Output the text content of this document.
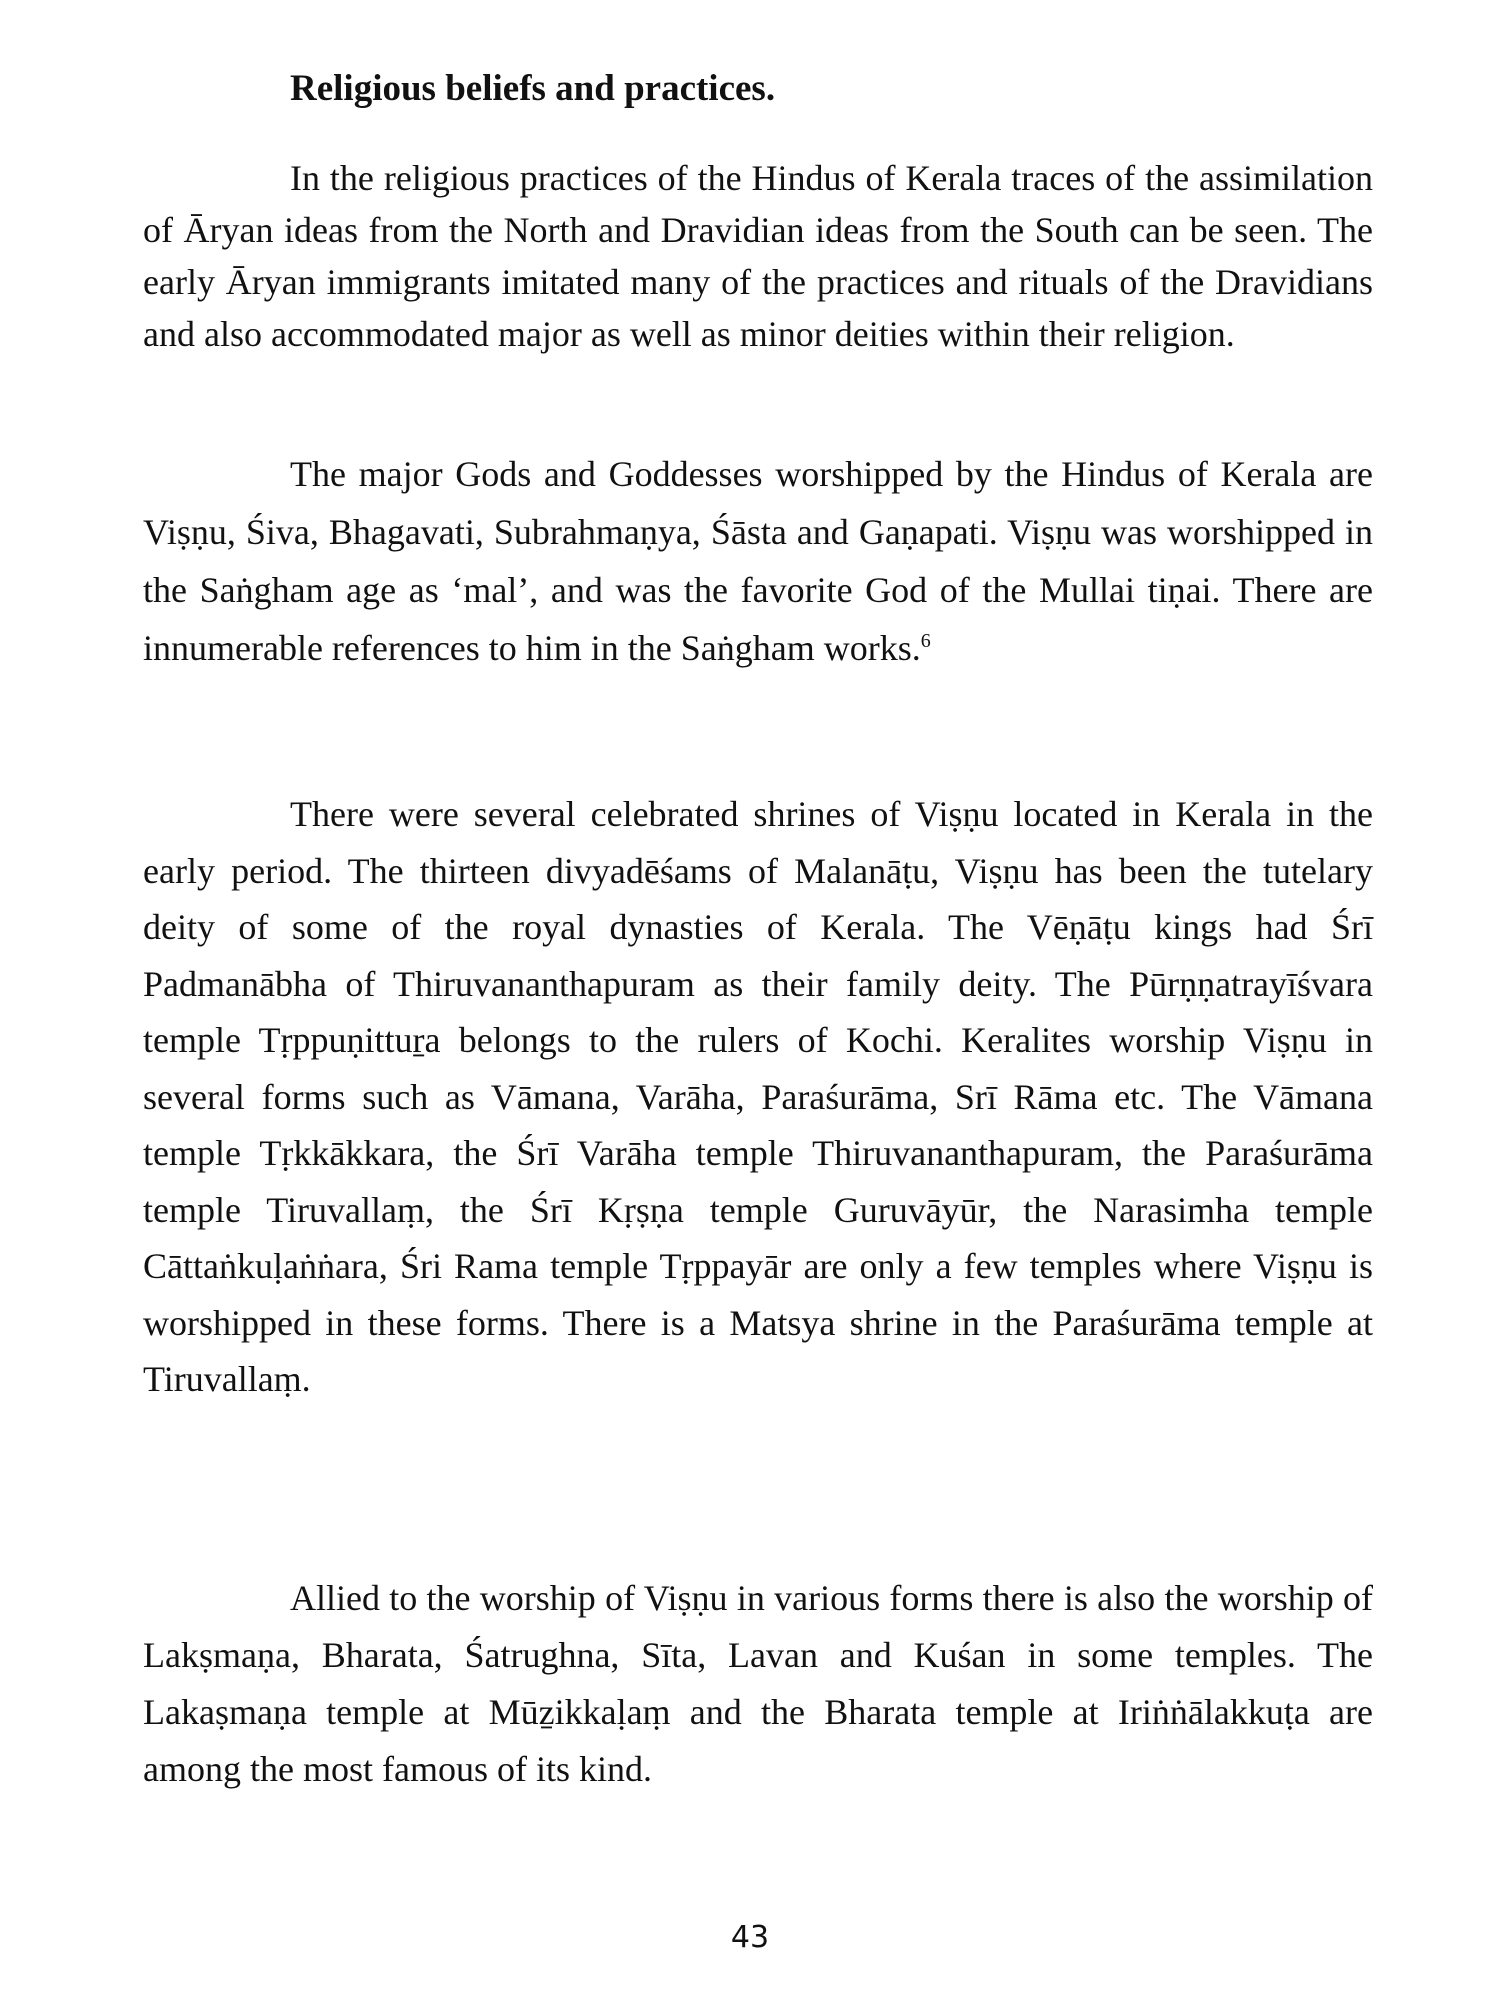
Religious beliefs and practices.

In the religious practices of the Hindus of Kerala traces of the assimilation of Āryan ideas from the North and Dravidian ideas from the South can be seen. The early Āryan immigrants imitated many of the practices and rituals of the Dravidians and also accommodated major as well as minor deities within their religion.

The major Gods and Goddesses worshipped by the Hindus of Kerala are Viṣṇu, Śiva, Bhagavati, Subrahmaṇya, Śāsta and Gaṇapati. Viṣṇu was worshipped in the Saṅgham age as ‘mal’, and was the favorite God of the Mullai tiṇai. There are innumerable references to him in the Saṅgham works.$^6$

There were several celebrated shrines of Viṣṇu located in Kerala in the early period. The thirteen divyadēśams of Malanāṭu, Viṣṇu has been the tutelary deity of some of the royal dynasties of Kerala. The Vēṇāṭu kings had Śrī Padmanābha of Thiruvananthapuram as their family deity. The Pūrṇṇatrayīśvara temple Tṛppuṇittuṟa belongs to the rulers of Kochi. Keralites worship Viṣṇu in several forms such as Vāmana, Varāha, Paraśurāma, Srī Rāma etc. The Vāmana temple Tṛkkākkara, the Śrī Varāha temple Thiruvananthapuram, the Paraśurāma temple Tiruvallaṃ, the Śrī Kṛṣṇa temple Guruvāyūr, the Narasimha temple Cāttaṅkuḷaṅṅara, Śri Rama temple Tṛppayār are only a few temples where Viṣṇu is worshipped in these forms. There is a Matsya shrine in the Paraśurāma temple at Tiruvallaṃ.

Allied to the worship of Viṣṇu in various forms there is also the worship of Lakṣmaṇa, Bharata, Śatrughna, Sīta, Lavan and Kuśan in some temples. The Lakaṣmaṇa temple at Mūẕikkaḷaṃ and the Bharata temple at Iriṅṅālakkuṭa are among the most famous of its kind.

43
